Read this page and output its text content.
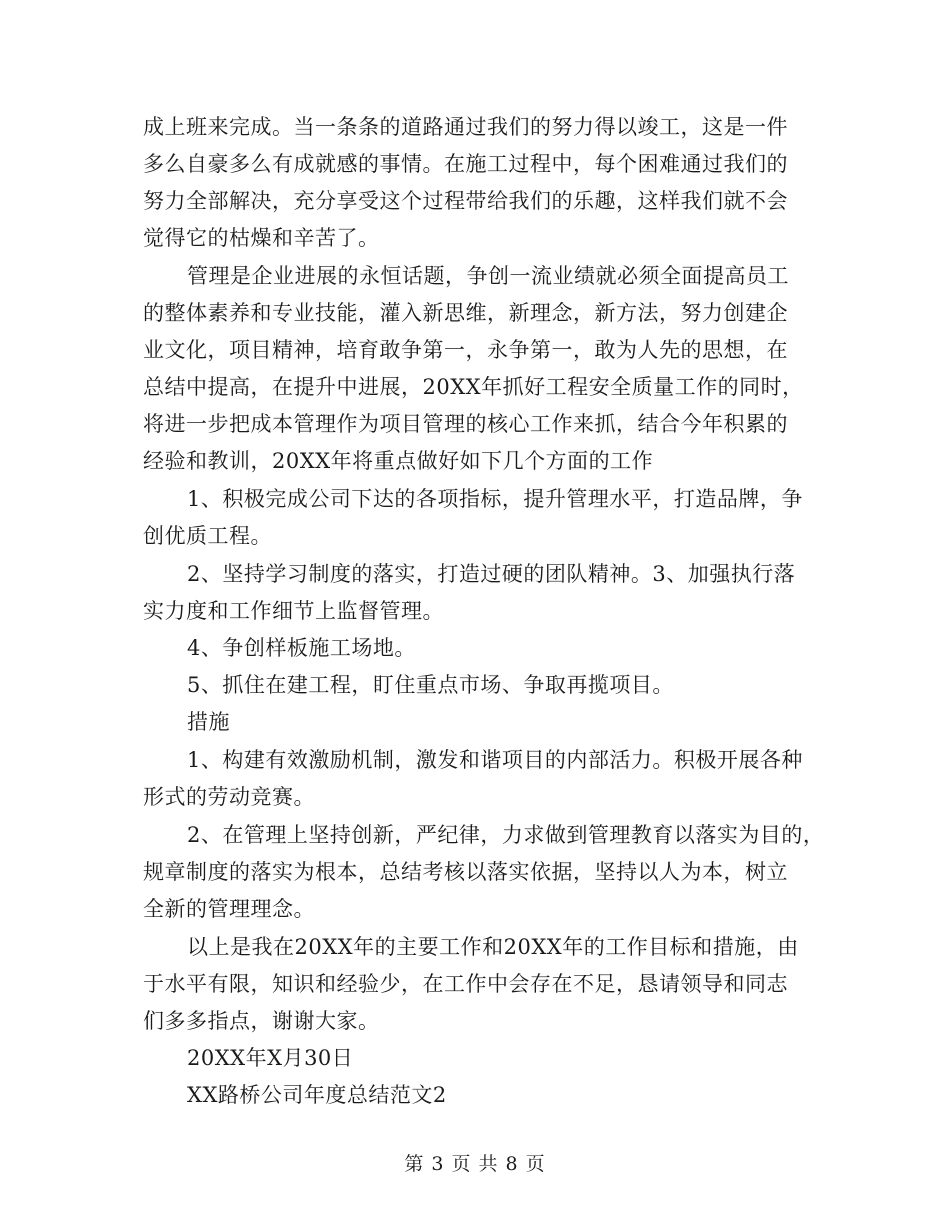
成上班来完成。当一条条的道路通过我们的努力得以竣工，这是一件
多么自豪多么有成就感的事情。在施工过程中，每个困难通过我们的
努力全部解决，充分享受这个过程带给我们的乐趣，这样我们就不会
觉得它的枯燥和辛苦了。
管理是企业进展的永恒话题，争创一流业绩就必须全面提高员工
的整体素养和专业技能，灌入新思维，新理念，新方法，努力创建企
业文化，项目精神，培育敢争第一，永争第一，敢为人先的思想，在
总结中提高，在提升中进展，20XX年抓好工程安全质量工作的同时，
将进一步把成本管理作为项目管理的核心工作来抓，结合今年积累的
经验和教训，20XX年将重点做好如下几个方面的工作
1、积极完成公司下达的各项指标，提升管理水平，打造品牌，争
创优质工程。
2、坚持学习制度的落实，打造过硬的团队精神。3、加强执行落
实力度和工作细节上监督管理。
4、争创样板施工场地。
5、抓住在建工程，盯住重点市场、争取再揽项目。
措施
1、构建有效激励机制，激发和谐项目的内部活力。积极开展各种
形式的劳动竞赛。
2、在管理上坚持创新，严纪律，力求做到管理教育以落实为目的，
规章制度的落实为根本，总结考核以落实依据，坚持以人为本，树立
全新的管理理念。
以上是我在20XX年的主要工作和20XX年的工作目标和措施，由
于水平有限，知识和经验少，在工作中会存在不足，恳请领导和同志
们多多指点，谢谢大家。
20XX年X月30日
XX路桥公司年度总结范文2
第 3 页 共 8 页
